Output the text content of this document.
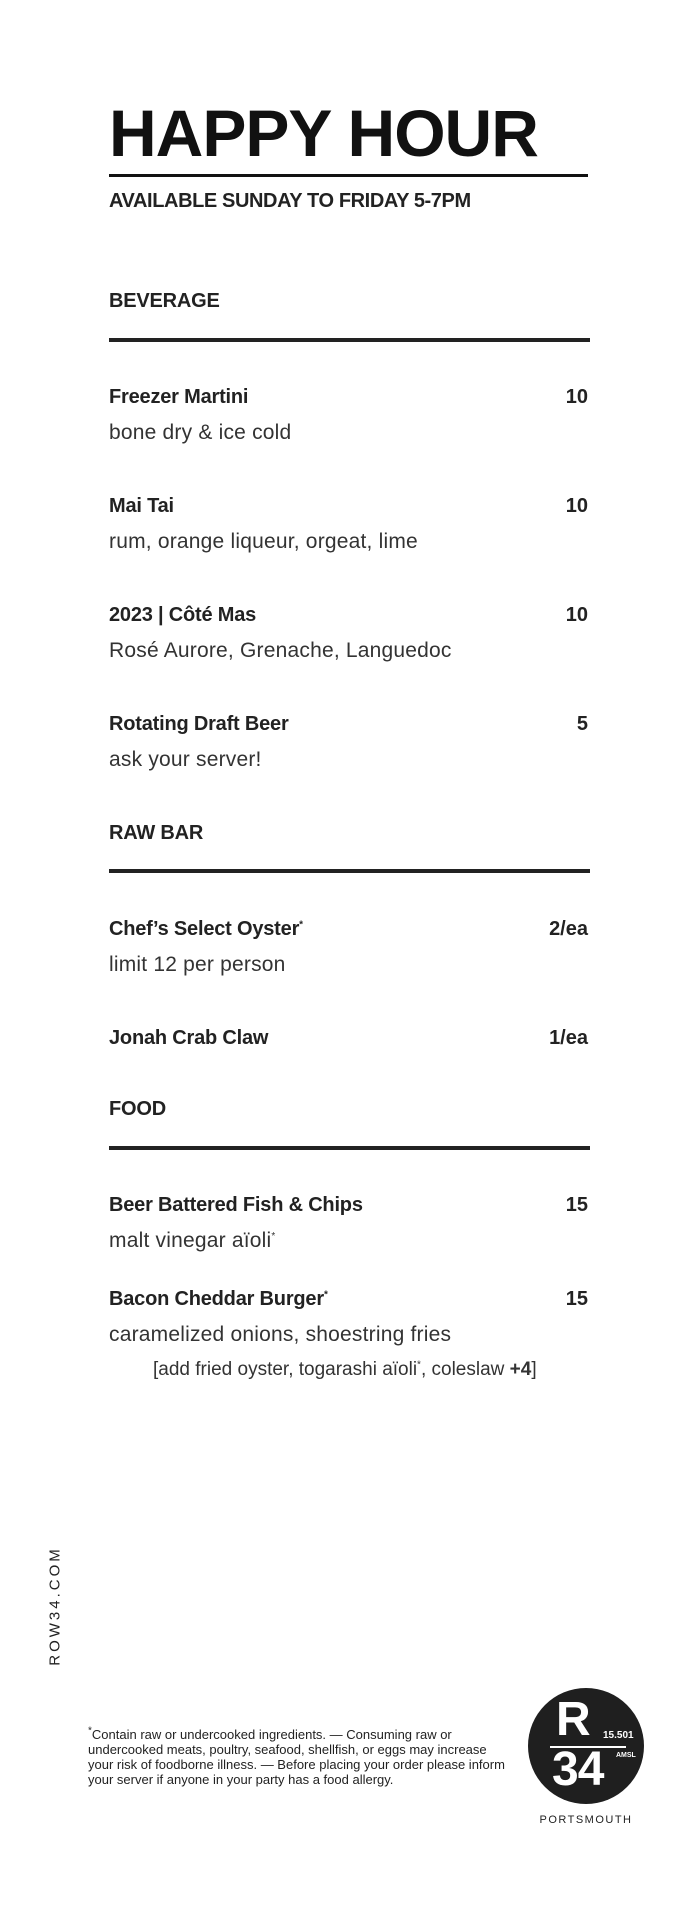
HAPPY HOUR
AVAILABLE SUNDAY TO FRIDAY 5-7PM
BEVERAGE
Freezer Martini	10
bone dry & ice cold
Mai Tai	10
rum, orange liqueur, orgeat, lime
2023 | Côté Mas	10
Rosé Aurore, Grenache, Languedoc
Rotating Draft Beer	5
ask your server!
RAW BAR
Chef’s Select Oyster*	2/ea
limit 12 per person
Jonah Crab Claw	1/ea
FOOD
Beer Battered Fish & Chips	15
malt vinegar aïoli*
Bacon Cheddar Burger*	15
caramelized onions, shoestring fries
[add fried oyster, togarashi aïoli*, coleslaw +4]
ROW34.COM
*Contain raw or undercooked ingredients. — Consuming raw or undercooked meats, poultry, seafood, shellfish, or eggs may increase your risk of foodborne illness. — Before placing your order please inform your server if anyone in your party has a food allergy.
R 15.501
34 AMSL
PORTSMOUTH
